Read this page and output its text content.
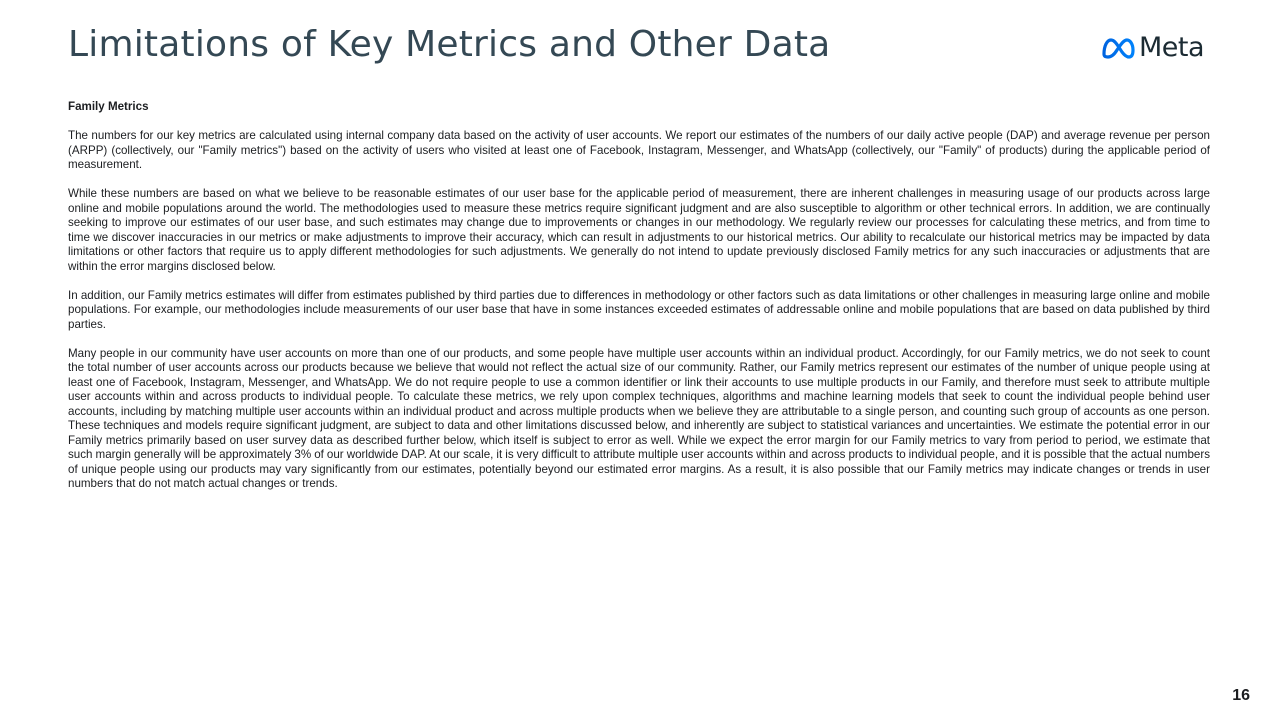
Limitations of Key Metrics and Other Data	Meta

Family Metrics

The numbers for our key metrics are calculated using internal company data based on the activity of user accounts. We report our estimates of the numbers of our daily active people (DAP) and average revenue per person (ARPP) (collectively, our "Family metrics") based on the activity of users who visited at least one of Facebook, Instagram, Messenger, and WhatsApp (collectively, our "Family" of products) during the applicable period of measurement.

While these numbers are based on what we believe to be reasonable estimates of our user base for the applicable period of measurement, there are inherent challenges in measuring usage of our products across large online and mobile populations around the world. The methodologies used to measure these metrics require significant judgment and are also susceptible to algorithm or other technical errors. In addition, we are continually seeking to improve our estimates of our user base, and such estimates may change due to improvements or changes in our methodology. We regularly review our processes for calculating these metrics, and from time to time we discover inaccuracies in our metrics or make adjustments to improve their accuracy, which can result in adjustments to our historical metrics. Our ability to recalculate our historical metrics may be impacted by data limitations or other factors that require us to apply different methodologies for such adjustments. We generally do not intend to update previously disclosed Family metrics for any such inaccuracies or adjustments that are within the error margins disclosed below.

In addition, our Family metrics estimates will differ from estimates published by third parties due to differences in methodology or other factors such as data limitations or other challenges in measuring large online and mobile populations. For example, our methodologies include measurements of our user base that have in some instances exceeded estimates of addressable online and mobile populations that are based on data published by third parties.

Many people in our community have user accounts on more than one of our products, and some people have multiple user accounts within an individual product. Accordingly, for our Family metrics, we do not seek to count the total number of user accounts across our products because we believe that would not reflect the actual size of our community. Rather, our Family metrics represent our estimates of the number of unique people using at least one of Facebook, Instagram, Messenger, and WhatsApp. We do not require people to use a common identifier or link their accounts to use multiple products in our Family, and therefore must seek to attribute multiple user accounts within and across products to individual people. To calculate these metrics, we rely upon complex techniques, algorithms and machine learning models that seek to count the individual people behind user accounts, including by matching multiple user accounts within an individual product and across multiple products when we believe they are attributable to a single person, and counting such group of accounts as one person. These techniques and models require significant judgment, are subject to data and other limitations discussed below, and inherently are subject to statistical variances and uncertainties. We estimate the potential error in our Family metrics primarily based on user survey data as described further below, which itself is subject to error as well. While we expect the error margin for our Family metrics to vary from period to period, we estimate that such margin generally will be approximately 3% of our worldwide DAP. At our scale, it is very difficult to attribute multiple user accounts within and across products to individual people, and it is possible that the actual numbers of unique people using our products may vary significantly from our estimates, potentially beyond our estimated error margins. As a result, it is also possible that our Family metrics may indicate changes or trends in user numbers that do not match actual changes or trends.

16
